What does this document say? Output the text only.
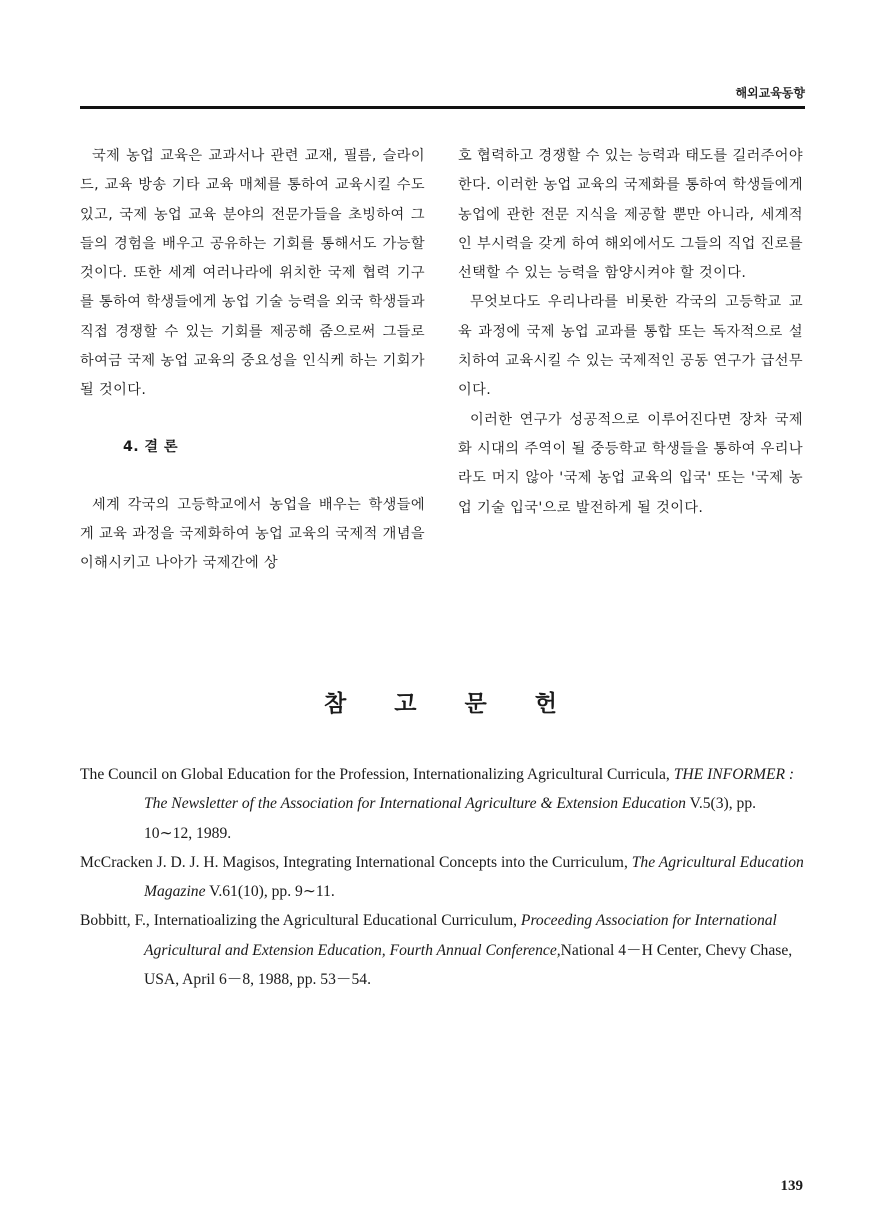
해외교육동향

국제 농업 교육은 교과서나 관련 교재, 필름, 슬라이드, 교육 방송 기타 교육 매체를 통하여 교육시킬 수도 있고, 국제 농업 교육 분야의 전문가들을 초빙하여 그들의 경험을 배우고 공유하는 기회를 통해서도 가능할 것이다. 또한 세계 여러나라에 위치한 국제 협력 기구를 통하여 학생들에게 농업 기술 능력을 외국 학생들과 직접 경쟁할 수 있는 기회를 제공해 줌으로써 그들로 하여금 국제 농업 교육의 중요성을 인식케 하는 기회가 될 것이다.

4. 결 론

세계 각국의 고등학교에서 농업을 배우는 학생들에게 교육 과정을 국제화하여 농업 교육의 국제적 개념을 이해시키고 나아가 국제간에 상

호 협력하고 경쟁할 수 있는 능력과 태도를 길러주어야 한다. 이러한 농업 교육의 국제화를 통하여 학생들에게 농업에 관한 전문 지식을 제공할 뿐만 아니라, 세계적인 부시력을 갖게 하여 해외에서도 그들의 직업 진로를 선택할 수 있는 능력을 함양시켜야 할 것이다.

무엇보다도 우리나라를 비롯한 각국의 고등학교 교육 과정에 국제 농업 교과를 통합 또는 독자적으로 설치하여 교육시킬 수 있는 국제적인 공동 연구가 급선무이다.

이러한 연구가 성공적으로 이루어진다면 장차 국제화 시대의 주역이 될 중등학교 학생들을 통하여 우리나라도 머지 않아 '국제 농업 교육의 입국' 또는 '국제 농업 기술 입국'으로 발전하게 될 것이다.

참 고 문 헌
The Council on Global Education for the Profession, Internationalizing Agricultural Curricula, THE INFORMER : The Newsletter of the Association for International Agriculture & Extension Education V.5(3), pp. 10∼12, 1989.
McCracken J. D. J. H. Magisos, Integrating International Concepts into the Curriculum, The Agricultural Education Magazine V.61(10), pp. 9∼11.
Bobbitt, F., Internatioalizing the Agricultural Educational Curriculum, Proceeding Association for International Agricultural and Extension Education, Fourth Annual Conference,National 4－H Center, Chevy Chase, USA, April 6－8, 1988, pp. 53－54.
139
